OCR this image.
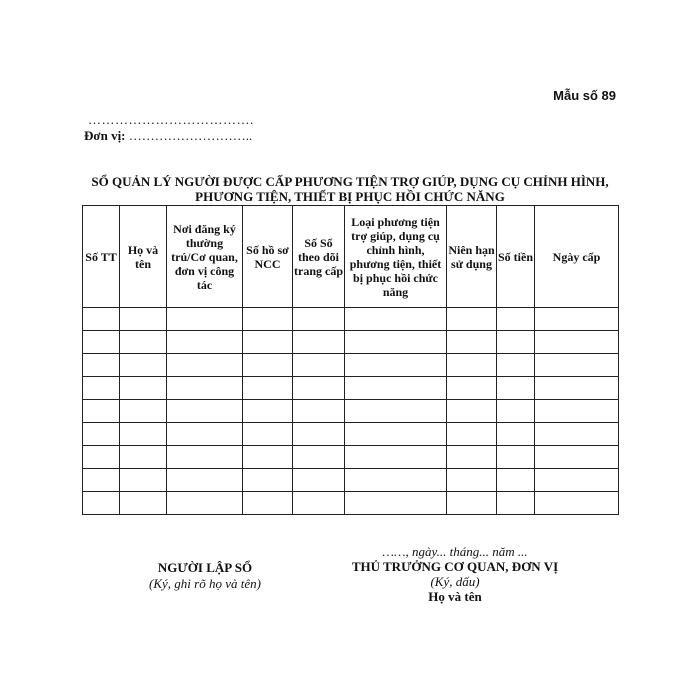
Mẫu số 89
……………………………….
Đơn vị: ………………………..
SỔ QUẢN LÝ NGƯỜI ĐƯỢC CẤP PHƯƠNG TIỆN TRỢ GIÚP, DỤNG CỤ CHỈNH HÌNH, PHƯƠNG TIỆN, THIẾT BỊ PHỤC HỒI CHỨC NĂNG
Số TT	Họ và tên	Nơi đăng ký thường trú/Cơ quan, đơn vị công tác	Số hồ sơ NCC	Số Sổ theo dõi trang cấp	Loại phương tiện trợ giúp, dụng cụ chỉnh hình, phương tiện, thiết bị phục hồi chức năng	Niên hạn sử dụng	Số tiền	Ngày cấp

NGƯỜI LẬP SỔ
(Ký, ghi rõ họ và tên)
……, ngày... tháng... năm ...
THỦ TRƯỞNG CƠ QUAN, ĐƠN VỊ
(Ký, dấu)
Họ và tên
